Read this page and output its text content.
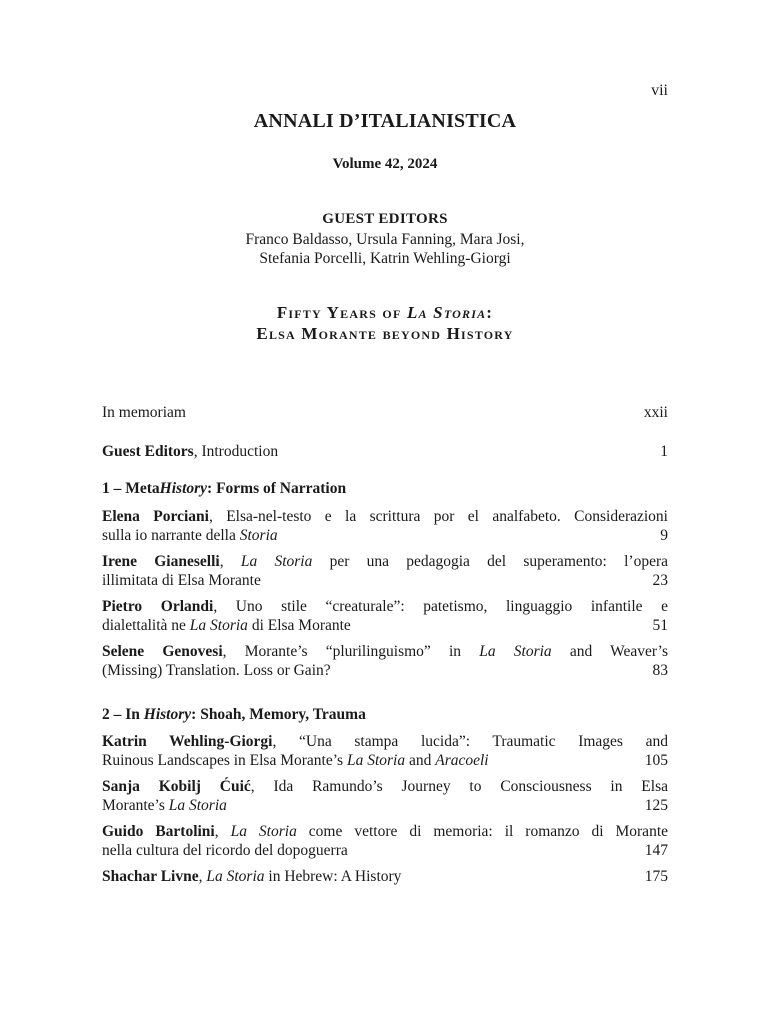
vii
ANNALI D’ITALIANISTICA
Volume 42, 2024
GUEST EDITORS
Franco Baldasso, Ursula Fanning, Mara Josi,
Stefania Porcelli, Katrin Wehling-Giorgi
Fifty Years of La Storia:
Elsa Morante beyond History
In memoriam	xxii
Guest Editors, Introduction	1
1 – MetaHistory: Forms of Narration
Elena Porciani, Elsa-nel-testo e la scrittura por el analfabeto. Considerazioni
sulla io narrante della Storia	9
Irene Gianeselli, La Storia per una pedagogia del superamento: l’opera
illimitata di Elsa Morante	23
Pietro Orlandi, Uno stile “creaturale”: patetismo, linguaggio infantile e
dialettalità ne La Storia di Elsa Morante	51
Selene Genovesi, Morante’s “plurilinguismo” in La Storia and Weaver’s
(Missing) Translation. Loss or Gain?	83
2 – In History: Shoah, Memory, Trauma
Katrin Wehling-Giorgi, “Una stampa lucida”: Traumatic Images and
Ruinous Landscapes in Elsa Morante’s La Storia and Aracoeli	105
Sanja Kobilj Ćuić, Ida Ramundo’s Journey to Consciousness in Elsa
Morante’s La Storia	125
Guido Bartolini, La Storia come vettore di memoria: il romanzo di Morante
nella cultura del ricordo del dopoguerra	147
Shachar Livne, La Storia in Hebrew: A History	175
